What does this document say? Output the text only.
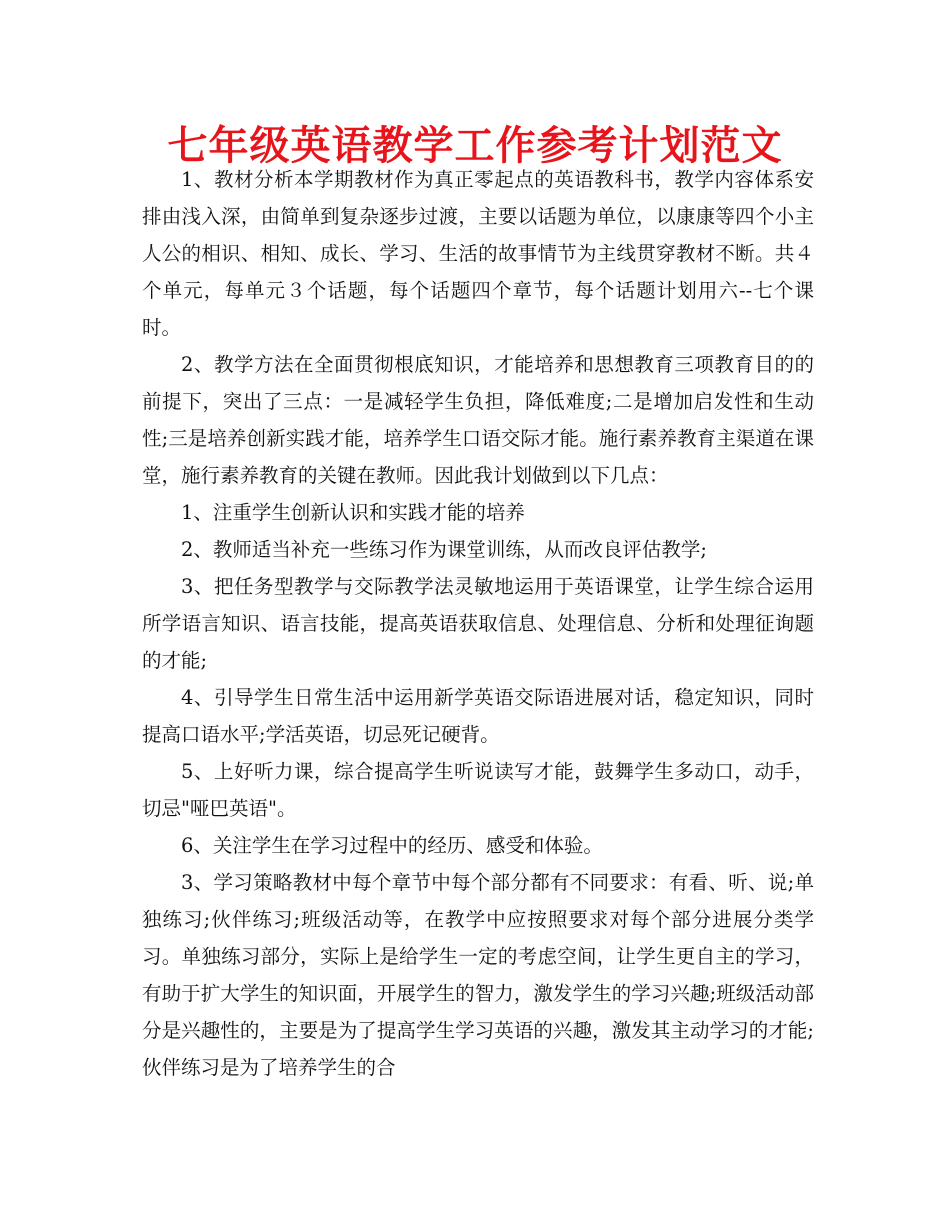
七年级英语教学工作参考计划范文

1、教材分析本学期教材作为真正零起点的英语教科书，教学内容体系安排由浅入深，由简单到复杂逐步过渡，主要以话题为单位，以康康等四个小主人公的相识、相知、成长、学习、生活的故事情节为主线贯穿教材不断。共４个单元，每单元３个话题，每个话题四个章节，每个话题计划用六--七个课时。

2、教学方法在全面贯彻根底知识，才能培养和思想教育三项教育目的的前提下，突出了三点：一是减轻学生负担，降低难度;二是增加启发性和生动性;三是培养创新实践才能，培养学生口语交际才能。施行素养教育主渠道在课堂，施行素养教育的关键在教师。因此我计划做到以下几点：

1、注重学生创新认识和实践才能的培养

2、教师适当补充一些练习作为课堂训练，从而改良评估教学;

3、把任务型教学与交际教学法灵敏地运用于英语课堂，让学生综合运用所学语言知识、语言技能，提高英语获取信息、处理信息、分析和处理征询题的才能;

4、引导学生日常生活中运用新学英语交际语进展对话，稳定知识，同时提高口语水平;学活英语，切忌死记硬背。

5、上好听力课，综合提高学生听说读写才能，鼓舞学生多动口，动手，切忌"哑巴英语"。

6、关注学生在学习过程中的经历、感受和体验。

3、学习策略教材中每个章节中每个部分都有不同要求：有看、听、说;单独练习;伙伴练习;班级活动等，在教学中应按照要求对每个部分进展分类学习。单独练习部分，实际上是给学生一定的考虑空间，让学生更自主的学习，有助于扩大学生的知识面，开展学生的智力，激发学生的学习兴趣;班级活动部分是兴趣性的，主要是为了提高学生学习英语的兴趣，激发其主动学习的才能;伙伴练习是为了培养学生的合
